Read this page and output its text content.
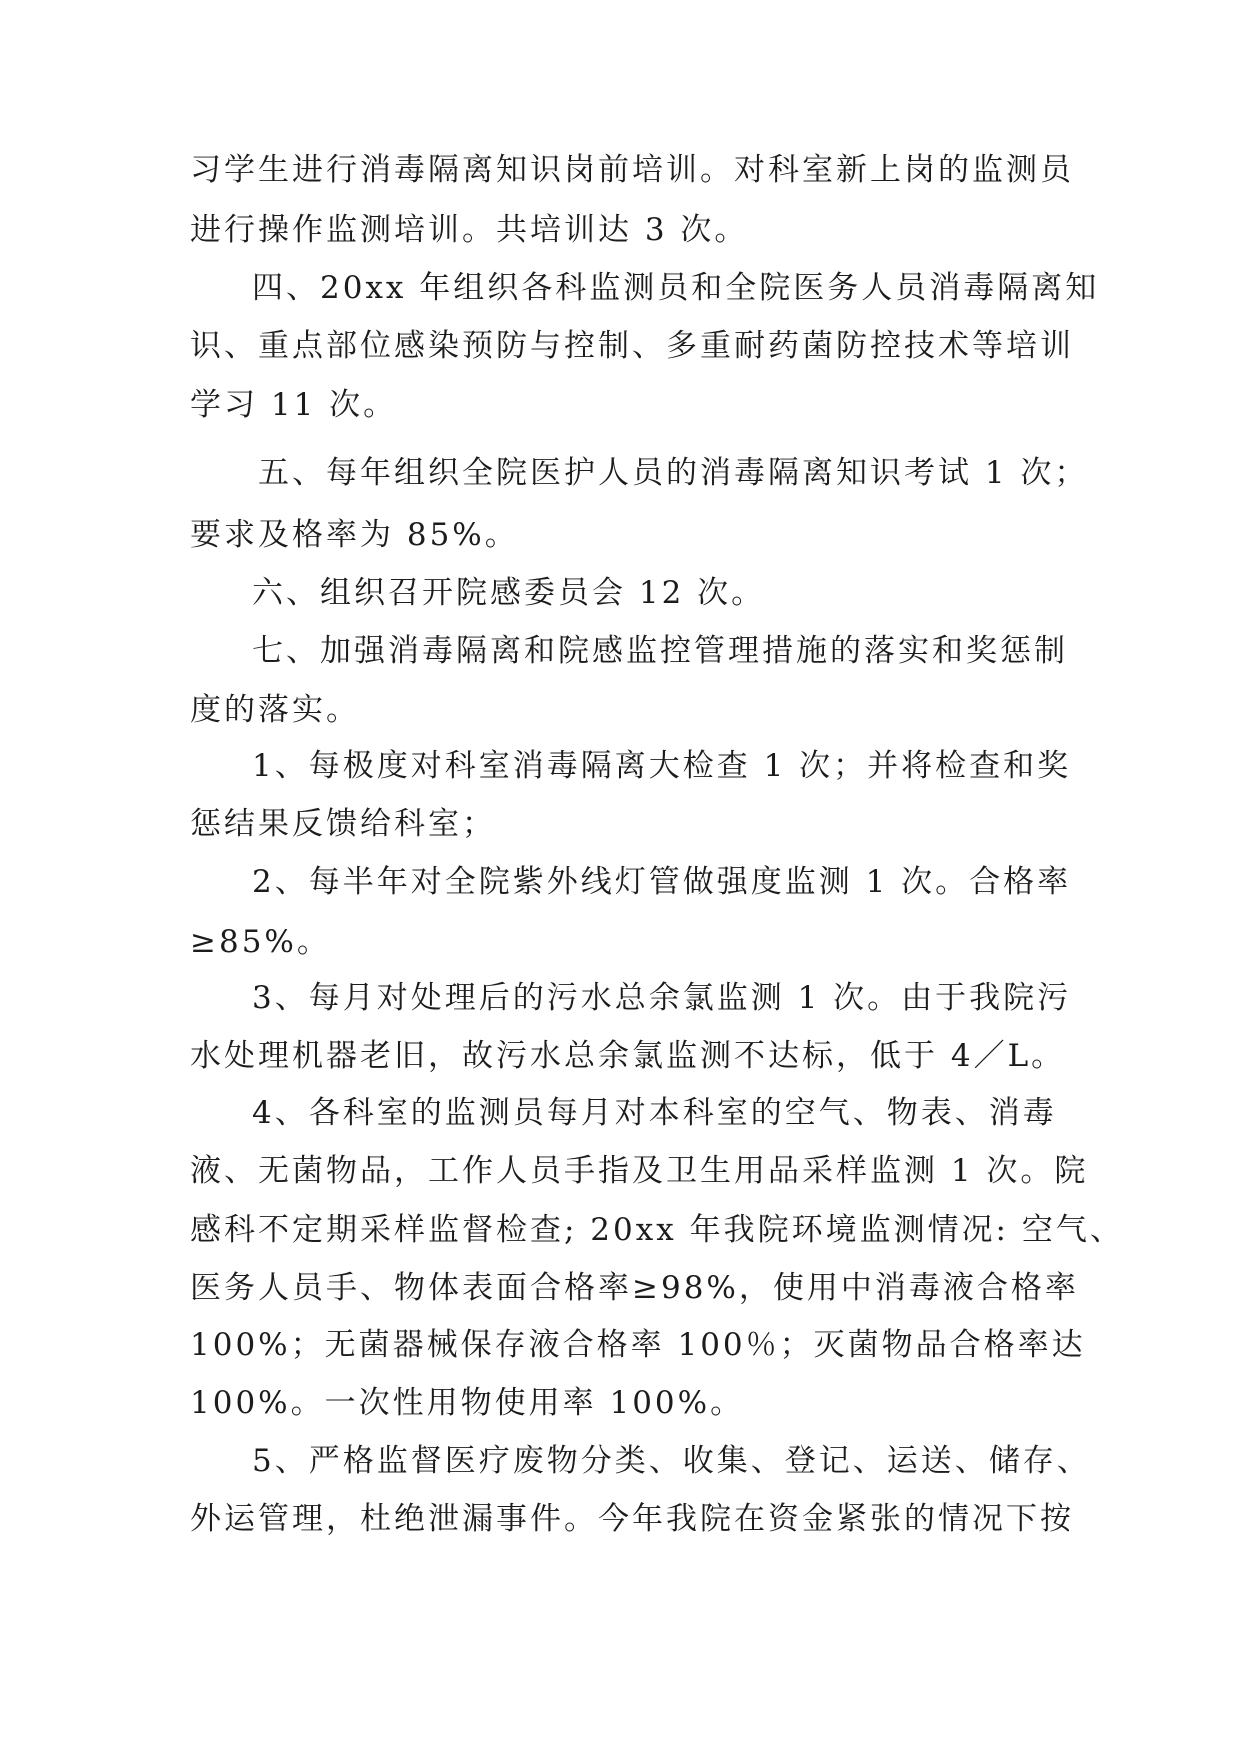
习学生进行消毒隔离知识岗前培训。对科室新上岗的监测员
进行操作监测培训。共培训达 3 次。
四、20xx 年组织各科监测员和全院医务人员消毒隔离知
识、重点部位感染预防与控制、多重耐药菌防控技术等培训
学习 11 次。
五、每年组织全院医护人员的消毒隔离知识考试 1 次；
要求及格率为 85%。
六、组织召开院感委员会 12 次。
七、加强消毒隔离和院感监控管理措施的落实和奖惩制
度的落实。
1、每极度对科室消毒隔离大检查 1 次；并将检查和奖
惩结果反馈给科室；
2、每半年对全院紫外线灯管做强度监测 1 次。合格率
≥85%。
3、每月对处理后的污水总余氯监测 1 次。由于我院污
水处理机器老旧，故污水总余氯监测不达标，低于 4／L。
4、各科室的监测员每月对本科室的空气、物表、消毒
液、无菌物品，工作人员手指及卫生用品采样监测 1 次。院
感科不定期采样监督检查; 20xx 年我院环境监测情况: 空气、
医务人员手、物体表面合格率≥98%，使用中消毒液合格率
100%；无菌器械保存液合格率 100％；灭菌物品合格率达
100%。一次性用物使用率 100%。
5、严格监督医疗废物分类、收集、登记、运送、储存、
外运管理，杜绝泄漏事件。今年我院在资金紧张的情况下按
